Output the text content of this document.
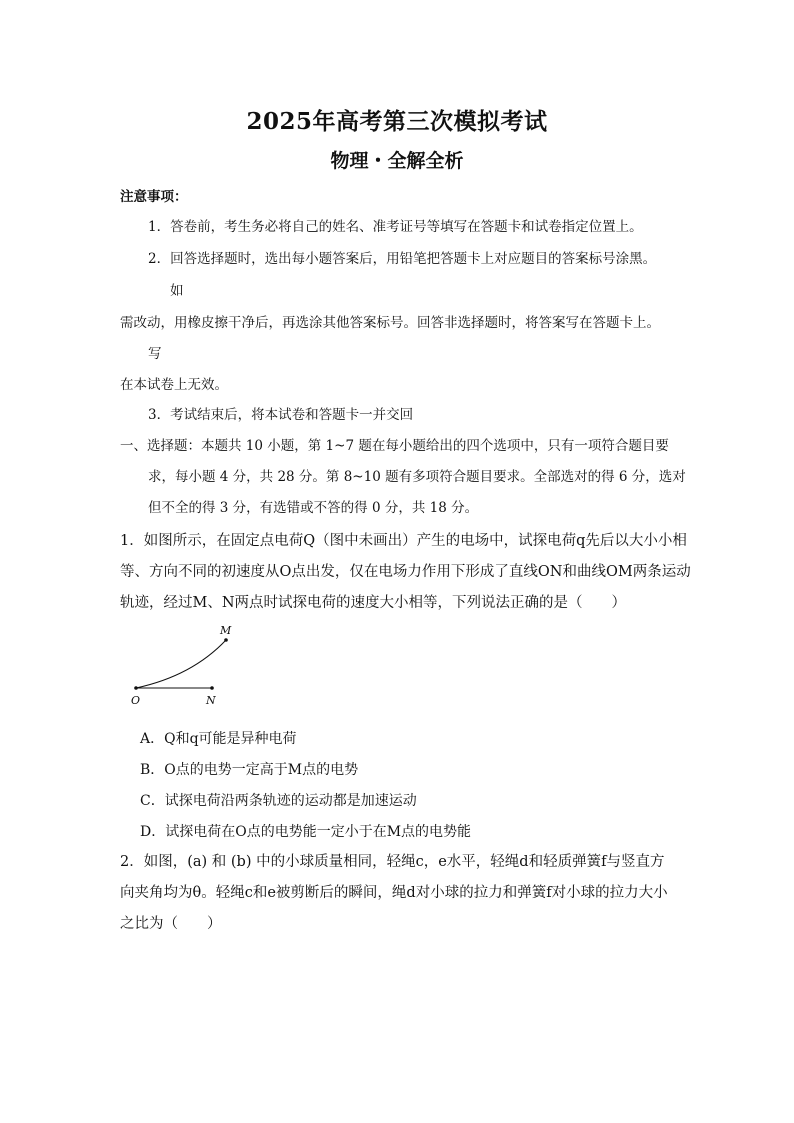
2025年高考第三次模拟考试
物理・全解全析
注意事项：
1．答卷前，考生务必将自己的姓名、准考证号等填写在答题卡和试卷指定位置上。
2．回答选择题时，选出每小题答案后，用铅笔把答题卡上对应题目的答案标号涂黑。
如
需改动，用橡皮擦干净后，再选涂其他答案标号。回答非选择题时，将答案写在答题卡上。
写
在本试卷上无效。
3．考试结束后，将本试卷和答题卡一并交回
一、选择题：本题共 10 小题，第 1~7 题在每小题给出的四个选项中，只有一项符合题目要
求，每小题 4 分，共 28 分。第 8~10 题有多项符合题目要求。全部选对的得 6 分，选对
但不全的得 3 分，有选错或不答的得 0 分，共 18 分。
1．如图所示，在固定点电荷Q（图中未画出）产生的电场中，试探电荷q先后以大小小相
等、方向不同的初速度从O点出发，仅在电场力作用下形成了直线ON和曲线OM两条运动
轨迹，经过M、N两点时试探电荷的速度大小相等，下列说法正确的是（　　）
M
O	N
A．Q和q可能是异种电荷
B．O点的电势一定高于M点的电势
C．试探电荷沿两条轨迹的运动都是加速运动
D．试探电荷在O点的电势能一定小于在M点的电势能
2．如图，(a) 和 (b) 中的小球质量相同，轻绳c，e水平，轻绳d和轻质弹簧f与竖直方
向夹角均为θ。轻绳c和e被剪断后的瞬间，绳d对小球的拉力和弹簧f对小球的拉力大小
之比为（　　）
